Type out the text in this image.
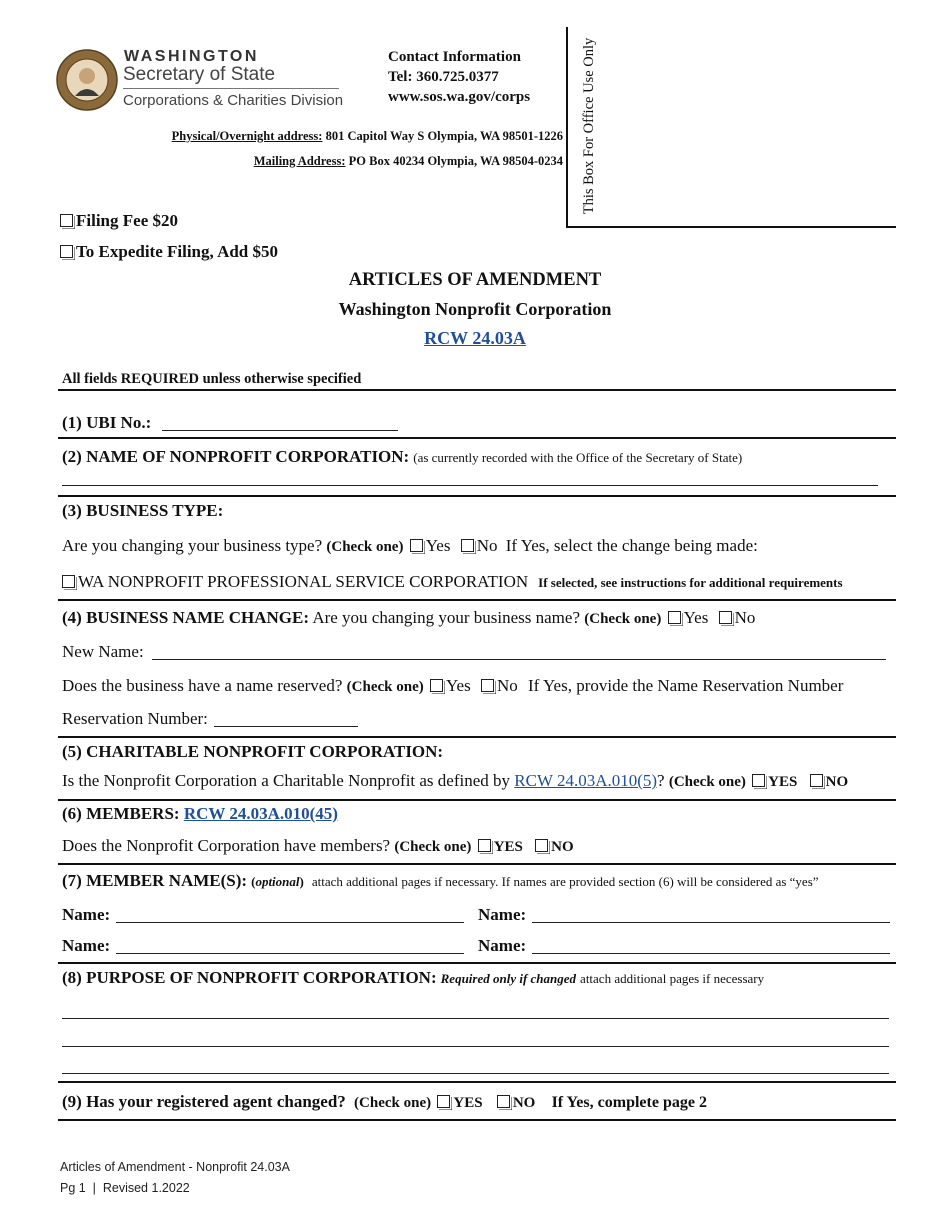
WASHINGTON
Secretary of State
Corporations & Charities Division
Contact Information
Tel: 360.725.0377
www.sos.wa.gov/corps
Physical/Overnight address: 801 Capitol Way S Olympia, WA 98501-1226
Mailing Address: PO Box 40234 Olympia, WA 98504-0234 This Box For Office Use Only
Filing Fee $20
To Expedite Filing, Add $50
ARTICLES OF AMENDMENT
Washington Nonprofit Corporation
RCW 24.03A
All fields REQUIRED unless otherwise specified
(1) UBI No.:
(2) NAME OF NONPROFIT CORPORATION: (as currently recorded with the Office of the Secretary of State)
(3) BUSINESS TYPE:
Are you changing your business type? (Check one) Yes No If Yes, select the change being made:
WA NONPROFIT PROFESSIONAL SERVICE CORPORATION If selected, see instructions for additional requirements
(4) BUSINESS NAME CHANGE: Are you changing your business name? (Check one) Yes No
New Name:
Does the business have a name reserved? (Check one) Yes No If Yes, provide the Name Reservation Number
Reservation Number:
(5) CHARITABLE NONPROFIT CORPORATION:
Is the Nonprofit Corporation a Charitable Nonprofit as defined by RCW 24.03A.010(5)? (Check one) YES NO
(6) MEMBERS: RCW 24.03A.010(45)
Does the Nonprofit Corporation have members? (Check one) YES NO
(7) MEMBER NAME(S): (optional) attach additional pages if necessary. If names are provided section (6) will be considered as “yes”
Name:	Name:
Name:	Name:
(8) PURPOSE OF NONPROFIT CORPORATION: Required only if changed attach additional pages if necessary
(9) Has your registered agent changed? (Check one) YES NO If Yes, complete page 2
Articles of Amendment - Nonprofit 24.03A
Pg 1  |  Revised 1.2022
